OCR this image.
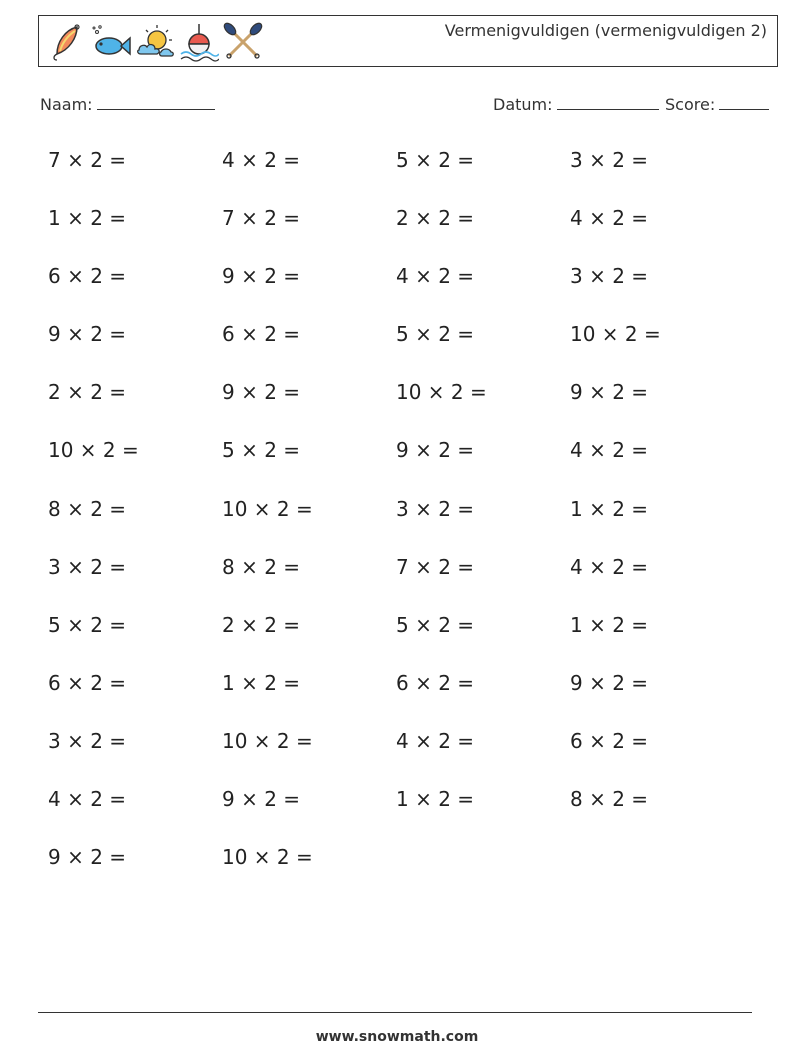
Vermenigvuldigen (vermenigvuldigen 2)
Naam:	Datum:	Score:
7 × 2 =	4 × 2 =	5 × 2 =	3 × 2 =
1 × 2 =	7 × 2 =	2 × 2 =	4 × 2 =
6 × 2 =	9 × 2 =	4 × 2 =	3 × 2 =
9 × 2 =	6 × 2 =	5 × 2 =	10 × 2 =
2 × 2 =	9 × 2 =	10 × 2 =	9 × 2 =
10 × 2 =	5 × 2 =	9 × 2 =	4 × 2 =
8 × 2 =	10 × 2 =	3 × 2 =	1 × 2 =
3 × 2 =	8 × 2 =	7 × 2 =	4 × 2 =
5 × 2 =	2 × 2 =	5 × 2 =	1 × 2 =
6 × 2 =	1 × 2 =	6 × 2 =	9 × 2 =
3 × 2 =	10 × 2 =	4 × 2 =	6 × 2 =
4 × 2 =	9 × 2 =	1 × 2 =	8 × 2 =
9 × 2 =	10 × 2 =
www.snowmath.com
